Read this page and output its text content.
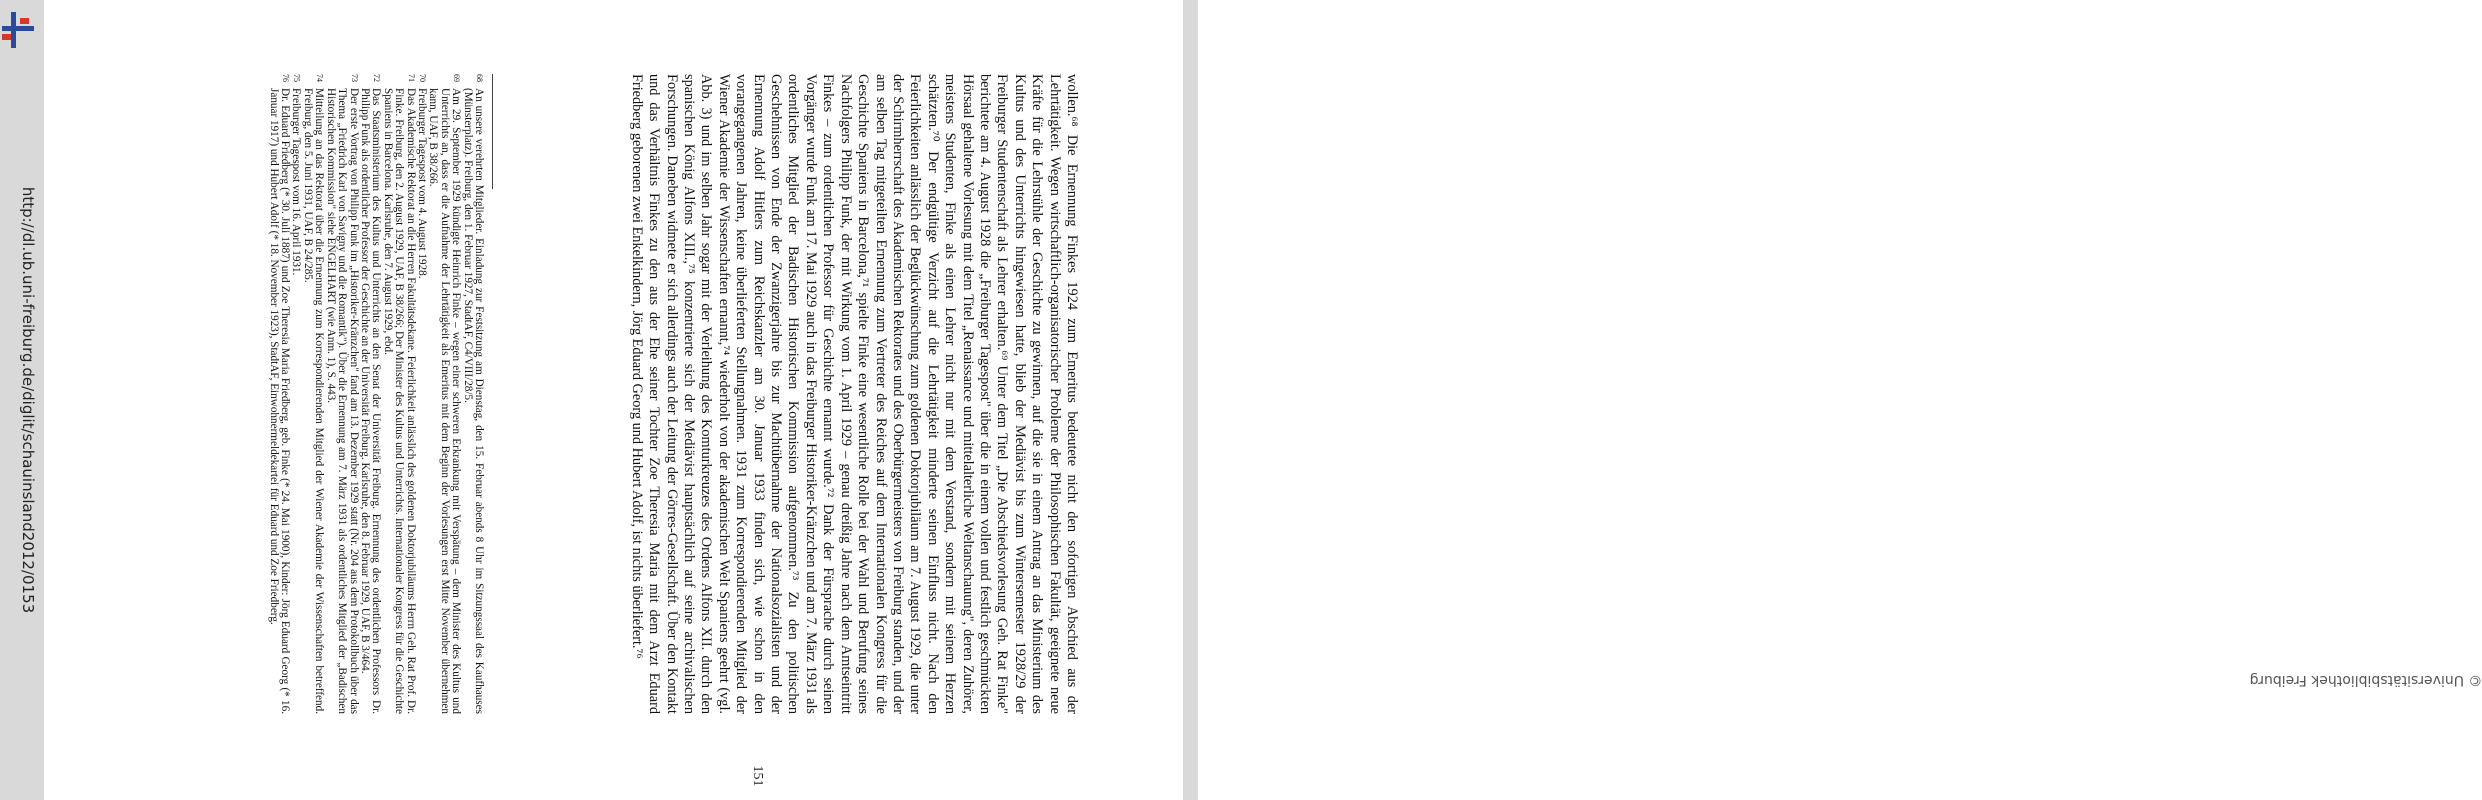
http://dl.ub.uni-freiburg.de/diglit/schauinsland2012/0153
© Universitätsbibliothek Freiburg

wollen.⁶⁸ Die Ernennung Finkes 1924 zum Emeritus bedeutete nicht den sofortigen Abschied aus der Lehrtätigkeit. Wegen wirtschaftlich-organisatorischer Probleme der Philosophischen Fakultät, geeignete neue Kräfte für die Lehrstühle der Geschichte zu gewinnen, auf die sie in einem Antrag an das Ministerium des Kultus und des Unterrichts hingewiesen hatte, blieb der Mediävist bis zum Wintersemester 1928/29 der Freiburger Studentenschaft als Lehrer erhalten.⁶⁹ Unter dem Titel „Die Abschiedsvorlesung Geh. Rat Finke" berichtete am 4. August 1928 die „Freiburger Tagespost" über die in einem vollen und festlich geschmückten Hörsaal gehaltene Vorlesung mit dem Titel „Renaissance und mittelalterliche Weltanschauung", deren Zuhörer, meistens Studenten, Finke als einen Lehrer nicht nur mit dem Verstand, sondern mit seinem Herzen schätzten.⁷⁰ Der endgültige Verzicht auf die Lehrtätigkeit minderte seinen Einfluss nicht. Nach den Feierlichkeiten anlässlich der Beglückwünschung zum goldenen Doktorjubiläum am 7. August 1929, die unter der Schirmherrschaft des Akademischen Rektorates und des Oberbürgermeisters von Freiburg standen, und der am selben Tag mitgeteilten Ernennung zum Vertreter des Reiches auf dem Internationalen Kongress für die Geschichte Spaniens in Barcelona,⁷¹ spielte Finke eine wesentliche Rolle bei der Wahl und Berufung seines Nachfolgers Philipp Funk, der mit Wirkung vom 1. April 1929 – genau dreißig Jahre nach dem Amtseintritt Finkes – zum ordentlichen Professor für Geschichte ernannt wurde.⁷² Dank der Fürsprache durch seinen Vorgänger wurde Funk am 17. Mai 1929 auch in das Freiburger Historiker-Kränzchen und am 7. März 1931 als ordentliches Mitglied der Badischen Historischen Kommission aufgenommen.⁷³ Zu den politischen Geschehnissen von Ende der Zwanzigerjahre bis zur Machtübernahme der Nationalsozialisten und der Ernennung Adolf Hitlers zum Reichskanzler am 30. Januar 1933 finden sich, wie schon in den vorangegangenen Jahren, keine überlieferten Stellungnahmen. 1931 zum Korrespondierenden Mitglied der Wiener Akademie der Wissenschaften ernannt,⁷⁴ wiederholt von der akademischen Welt Spaniens geehrt (vgl. Abb. 3) und im selben Jahr sogar mit der Verleihung des Komturkreuzes des Ordens Alfons XII. durch den spanischen König Alfons XIII.,⁷⁵ konzentrierte sich der Mediävist hauptsächlich auf seine archivalischen Forschungen. Daneben widmete er sich allerdings auch der Leitung der Görres-Gesellschaft. Über den Kontakt und das Verhältnis Finkes zu den aus der Ehe seiner Tochter Zoe Theresia Maria mit dem Arzt Eduard Friedberg geborenen zwei Enkelkindern, Jörg Eduard Georg und Hubert Adolf, ist nichts überliefert.⁷⁶

68
An unsere verehrten Mitglieder. Einladung zur Festsitzung am Dienstag, den 15. Februar abends 8 Uhr im Sitzungssaal des Kaufhauses (Münsterplatz). Freiburg, den 1. Februar 1927, StadtAF, C4/VIII/28/5.
69
Am 29. September 1929 kündigte Heinrich Finke – wegen einer schweren Erkrankung mit Verspätung – dem Minister des Kultus und Unterrichts an, dass er die Aufnahme der Lehrtätigkeit als Emeritus mit dem Beginn der Vorlesungen erst Mitte November übernehmen kann, UAF, B 38/266.
70
Freiburger Tagespost vom 4. August 1928.
71
Das Akademische Rektorat an die Herren Fakultätsdekane. Feierlichkeit anlässlich des goldenen Doktorjubiläums Herrn Geh. Rat Prof. Dr. Finke. Freiburg, den 2. August 1929, UAF, B 38/266; Der Minister des Kultus und Unterrichts. Internationaler Kongress für die Geschichte Spaniens in Barcelona. Karlsruhe, den 7. August 1929, ebd.
72
Das Staatsministerium des Kultus und Unterrichts an den Senat der Universität Freiburg. Ernennung des ordentlichen Professors Dr. Philipp Funk als ordentlicher Professor der Geschichte an der Universität Freiburg. Karlsruhe, den 8. Februar 1929, UAF, B 3/464.
73
Der erste Vortrag von Philipp Funk im „Historiker-Kränzchen" fand am 13. Dezember 1929 statt (Nr. 204 aus dem Protokollbuch über das Thema „Friedrich Karl von Savigny und die Romantik"). Über die Ernennung am 7. März 1931 als ordentliches Mitglied der „Badischen Historischen Kommission" siehe ENGELHART (wie Anm. 1), S. 443.
74
Mitteilung an das Rektorat über die Ernennung zum Korrespondierenden Mitglied der Wiener Akademie der Wissenschaften betreffend. Freiburg, den 5. Juni 1931, UAF, B 24/285.
75
Freiburger Tagespost vom 16. April 1931.
76
Dr. Eduard Friedberg (* 30. Juli 1887) und Zoe Theresia Maria Friedberg, geb. Finke (* 24. Mai 1900), Kinder: Jörg Eduard Georg (* 16. Januar 1917) und Hubert Adolf (* 18. November 1923), StadtAF, Einwohnermeldekartei für Eduard und Zoe Friedberg.
151
